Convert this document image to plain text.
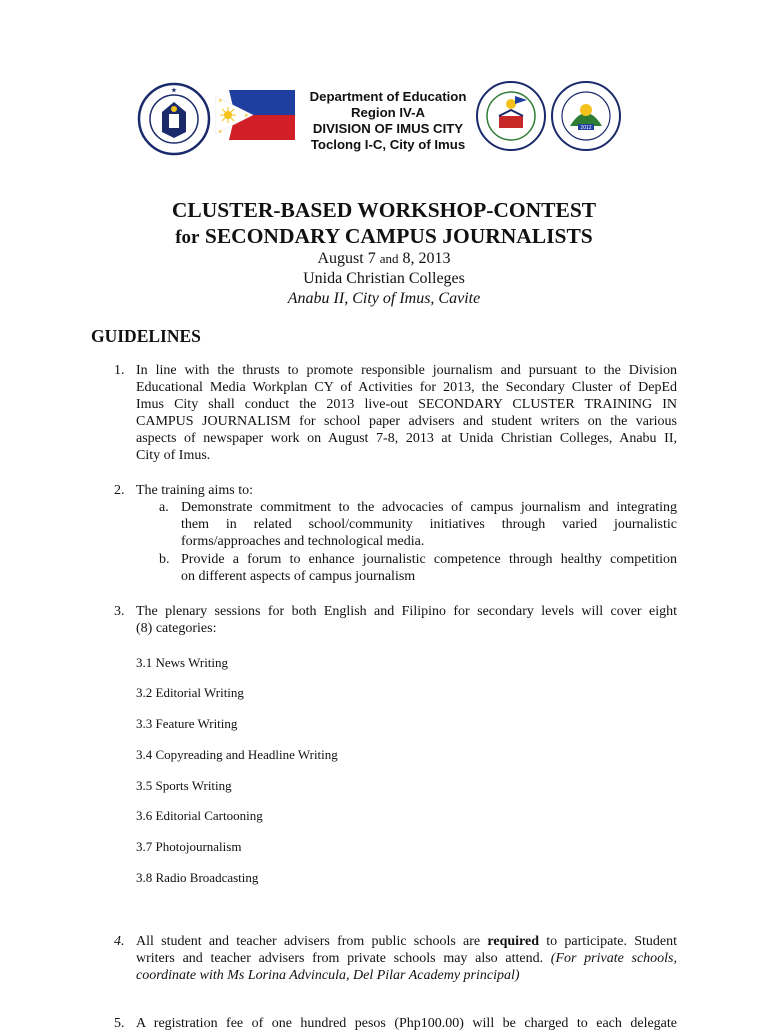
★
★
★
★
Department of Education
Region IV-A
DIVISION OF IMUS CITY
Toclong I-C, City of Imus
2012
CLUSTER-BASED WORKSHOP-CONTEST
for SECONDARY CAMPUS JOURNALISTS
August 7 and 8, 2013
Unida Christian Colleges
Anabu II, City of Imus, Cavite
GUIDELINES
1. In line with the thrusts to promote responsible journalism and pursuant to the Division
Educational Media Workplan CY of Activities for 2013, the Secondary Cluster of DepEd
Imus City shall conduct the 2013 live-out SECONDARY CLUSTER TRAINING IN
CAMPUS JOURNALISM for school paper advisers and student writers on the various
aspects of newspaper work on August 7-8, 2013 at Unida Christian Colleges, Anabu II,
City of Imus.
2. The training aims to:
a. Demonstrate commitment to the advocacies of campus journalism and integrating
them in related school/community initiatives through varied journalistic
forms/approaches and technological media.
b. Provide a forum to enhance journalistic competence through healthy competition
on different aspects of campus journalism
3. The plenary sessions for both English and Filipino for secondary levels will cover eight
(8) categories:
3.1 News Writing
3.2 Editorial Writing
3.3 Feature Writing
3.4 Copyreading and Headline Writing
3.5 Sports Writing
3.6 Editorial Cartooning
3.7 Photojournalism
3.8 Radio Broadcasting
4. All student and teacher advisers from public schools are required to participate. Student
writers and teacher advisers from private schools may also attend. (For private schools,
coordinate with Ms Lorina Advincula, Del Pilar Academy principal)
5. A registration fee of one hundred pesos (Php100.00) will be charged to each delegate
